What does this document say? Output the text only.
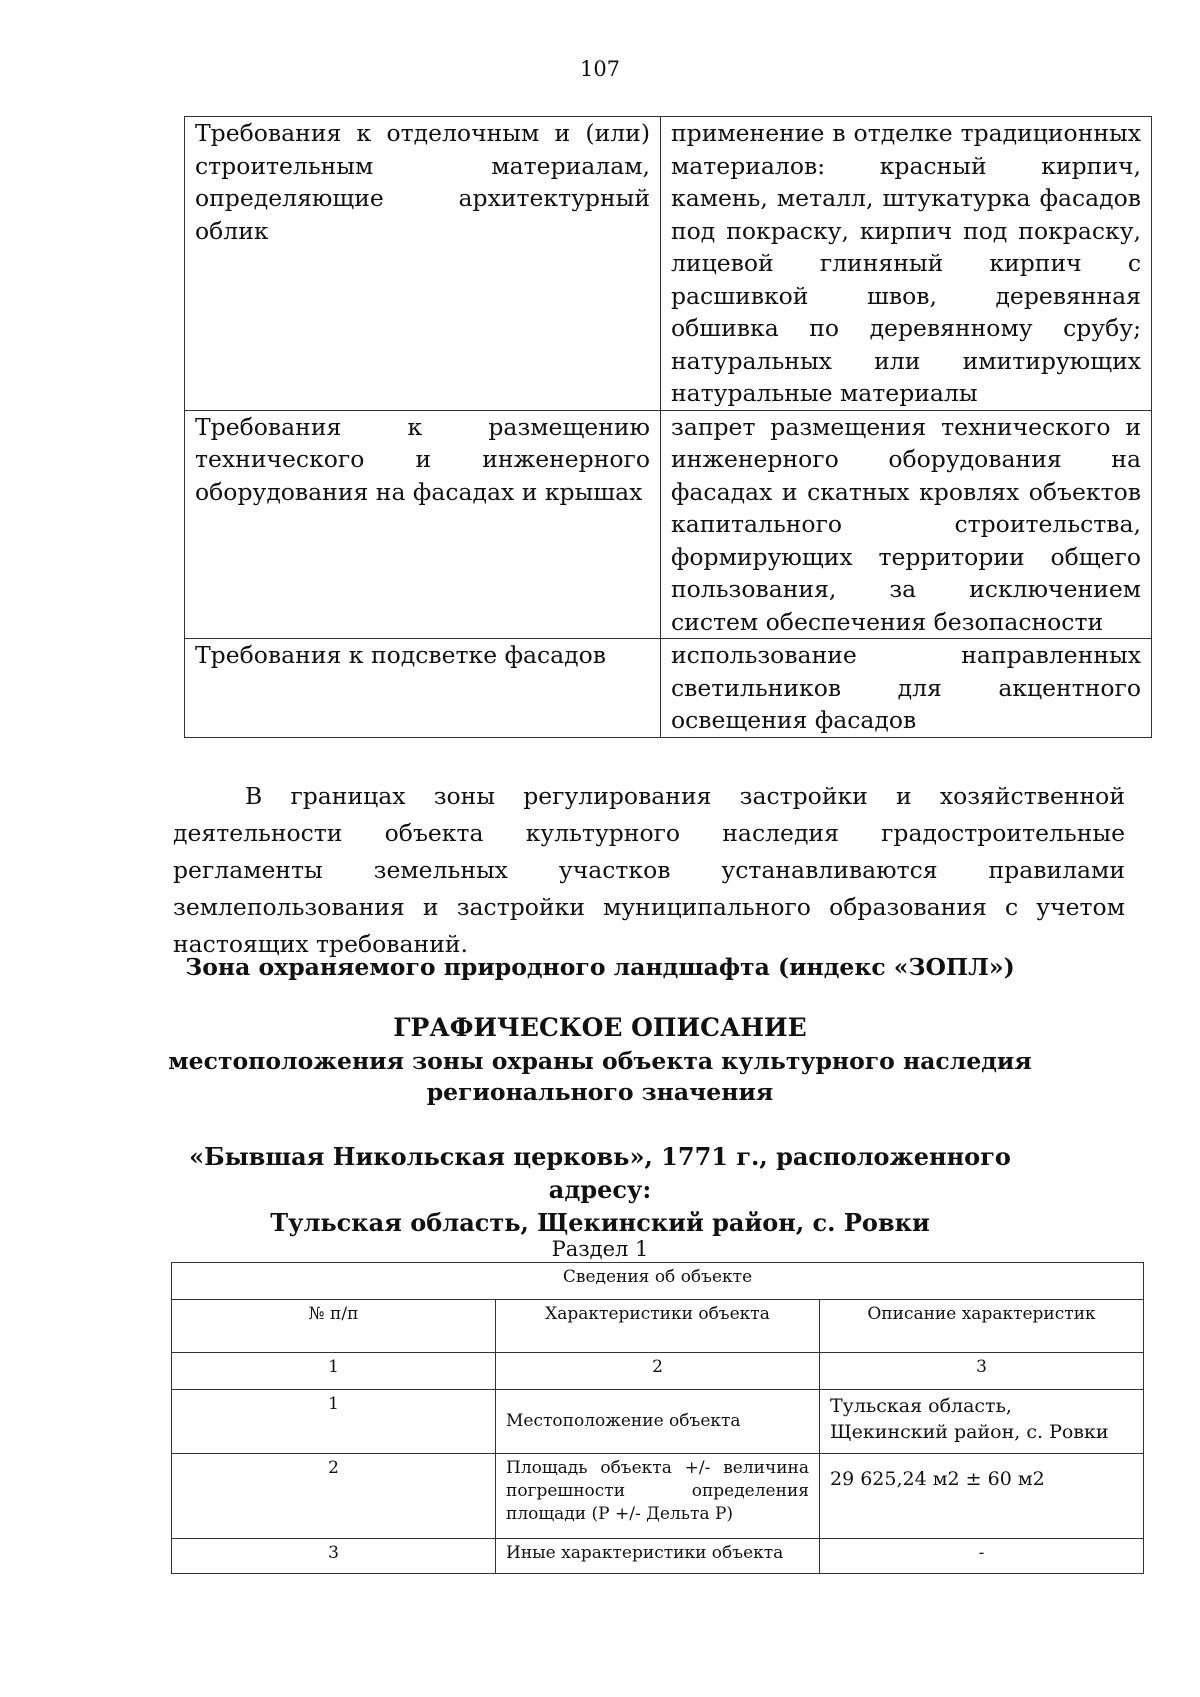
107
Требования к отделочным и (или) строительным материалам, определяющие архитектурный облик	применение в отделке традиционных материалов: красный кирпич, камень, металл, штукатурка фасадов под покраску, кирпич под покраску, лицевой глиняный кирпич с расшивкой швов, деревянная обшивка по деревянному срубу; натуральных или имитирующих натуральные материалы
Требования к размещению технического и инженерного оборудования на фасадах и крышах	запрет размещения технического и инженерного оборудования на фасадах и скатных кровлях объектов капитального строительства, формирующих территории общего пользования, за исключением систем обеспечения безопасности
Требования к подсветке фасадов	использование направленных светильников для акцентного освещения фасадов

В границах зоны регулирования застройки и хозяйственной деятельности объекта культурного наследия градостроительные регламенты земельных участков устанавливаются правилами землепользования и застройки муниципального образования с учетом настоящих требований.

Зона охраняемого природного ландшафта (индекс «ЗОПЛ»)
ГРАФИЧЕСКОЕ ОПИСАНИЕ
местоположения зоны охраны объекта культурного наследия
регионального значения
«Бывшая Никольская церковь», 1771 г., расположенного адресу:
Тульская область, Щекинский район, с. Ровки
Раздел 1
Сведения об объекте		
№ п/п	Характеристики объекта	Описание характеристик
1	2	3
1	Местоположение объекта	Тульская область, Щекинский район, с. Ровки
2	Площадь объекта +/- величина погрешности определения площади (Р +/- Дельта Р)	29 625,24 м2 ± 60 м2
3	Иные характеристики объекта	-
